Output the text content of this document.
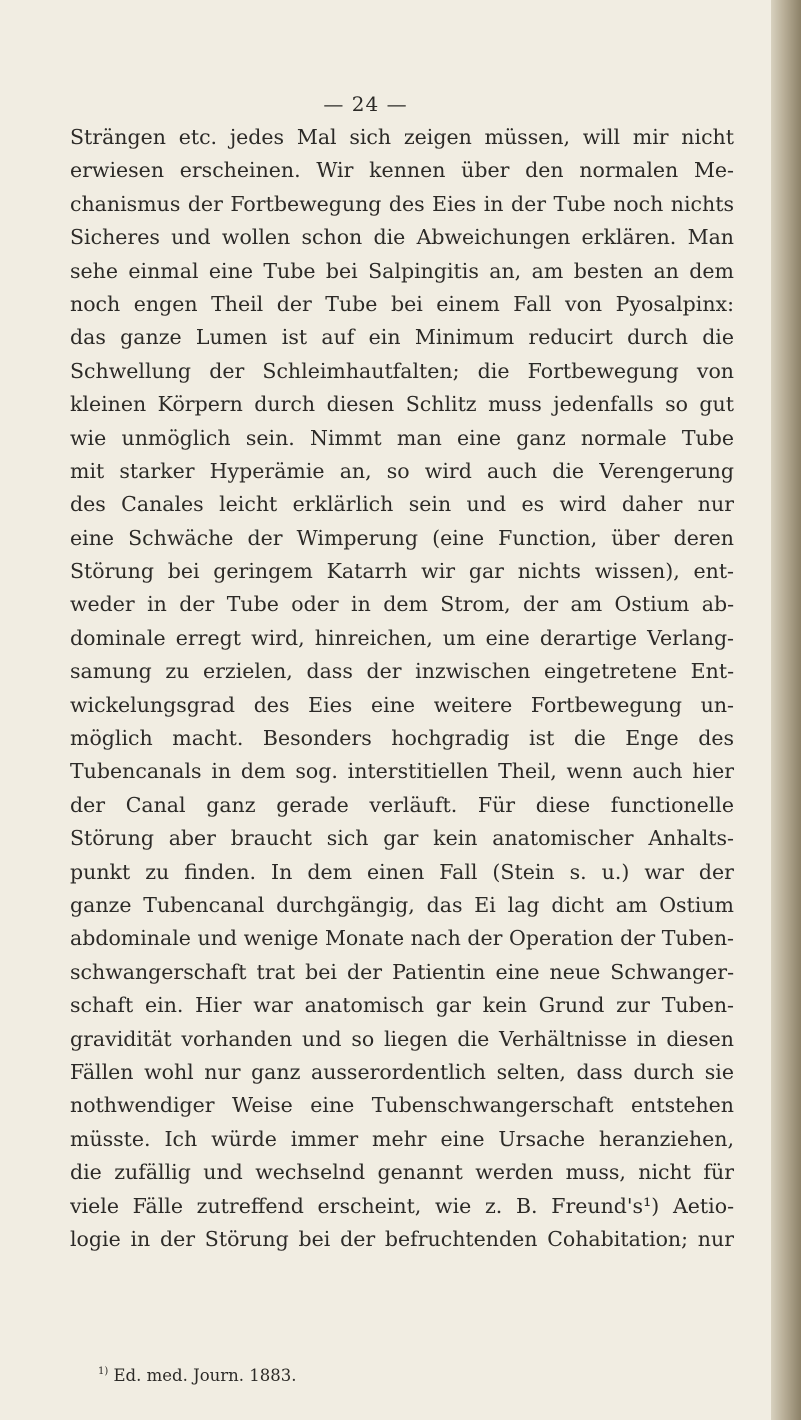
— 24 —
Strängen etc. jedes Mal sich zeigen müssen, will mir nicht
erwiesen erscheinen. Wir kennen über den normalen Me-
chanismus der Fortbewegung des Eies in der Tube noch nichts
Sicheres und wollen schon die Abweichungen erklären. Man
sehe einmal eine Tube bei Salpingitis an, am besten an dem
noch engen Theil der Tube bei einem Fall von Pyosalpinx:
das ganze Lumen ist auf ein Minimum reducirt durch die
Schwellung der Schleimhautfalten; die Fortbewegung von
kleinen Körpern durch diesen Schlitz muss jedenfalls so gut
wie unmöglich sein. Nimmt man eine ganz normale Tube
mit starker Hyperämie an, so wird auch die Verengerung
des Canales leicht erklärlich sein und es wird daher nur
eine Schwäche der Wimperung (eine Function, über deren
Störung bei geringem Katarrh wir gar nichts wissen), ent-
weder in der Tube oder in dem Strom, der am Ostium ab-
dominale erregt wird, hinreichen, um eine derartige Verlang-
samung zu erzielen, dass der inzwischen eingetretene Ent-
wickelungsgrad des Eies eine weitere Fortbewegung un-
möglich macht. Besonders hochgradig ist die Enge des
Tubencanals in dem sog. interstitiellen Theil, wenn auch hier
der Canal ganz gerade verläuft. Für diese functionelle
Störung aber braucht sich gar kein anatomischer Anhalts-
punkt zu finden. In dem einen Fall (Stein s. u.) war der
ganze Tubencanal durchgängig, das Ei lag dicht am Ostium
abdominale und wenige Monate nach der Operation der Tuben-
schwangerschaft trat bei der Patientin eine neue Schwanger-
schaft ein. Hier war anatomisch gar kein Grund zur Tuben-
gravidität vorhanden und so liegen die Verhältnisse in diesen
Fällen wohl nur ganz ausserordentlich selten, dass durch sie
nothwendiger Weise eine Tubenschwangerschaft entstehen
müsste. Ich würde immer mehr eine Ursache heranziehen,
die zufällig und wechselnd genannt werden muss, nicht für
viele Fälle zutreffend erscheint, wie z. B. Freund's¹) Aetio-
logie in der Störung bei der befruchtenden Cohabitation; nur
$^{1)}$ Ed. med. Journ. 1883.
